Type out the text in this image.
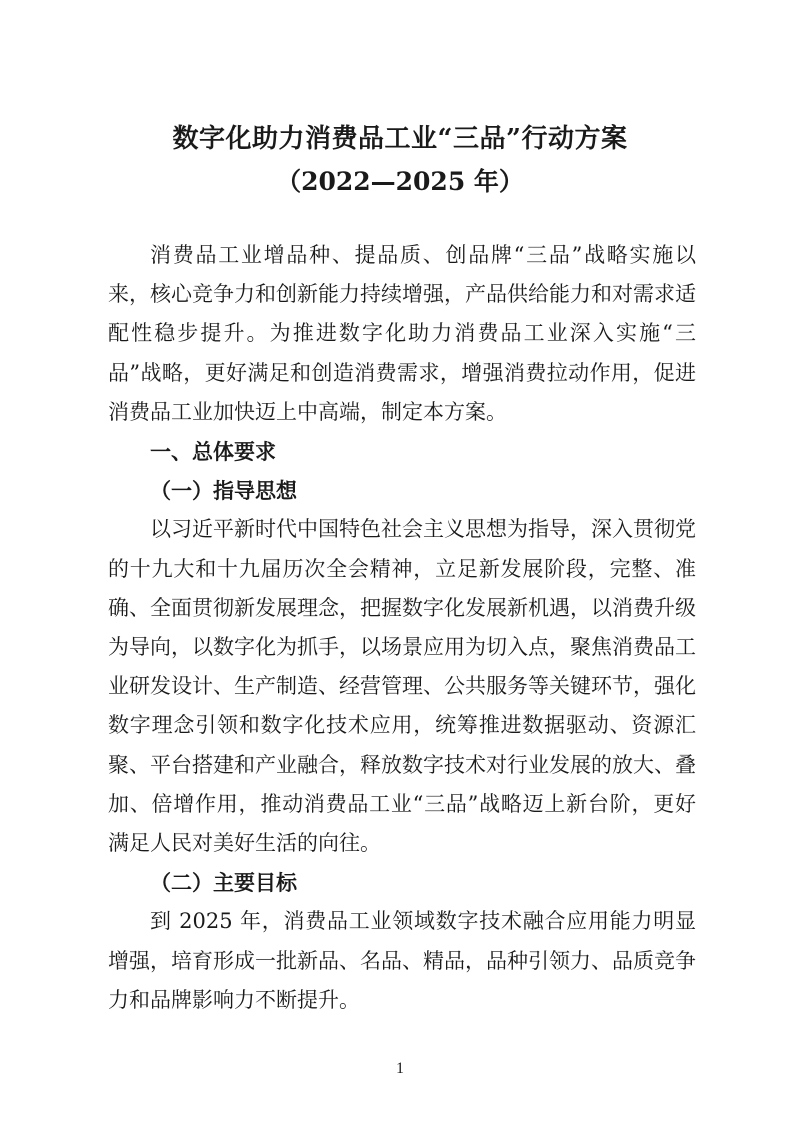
数字化助力消费品工业“三品”行动方案
（2022—2025 年）

消费品工业增品种、提品质、创品牌“三品”战略实施以来，核心竞争力和创新能力持续增强，产品供给能力和对需求适配性稳步提升。为推进数字化助力消费品工业深入实施“三品”战略，更好满足和创造消费需求，增强消费拉动作用，促进消费品工业加快迈上中高端，制定本方案。

一、总体要求

（一）指导思想

以习近平新时代中国特色社会主义思想为指导，深入贯彻党的十九大和十九届历次全会精神，立足新发展阶段，完整、准确、全面贯彻新发展理念，把握数字化发展新机遇，以消费升级为导向，以数字化为抓手，以场景应用为切入点，聚焦消费品工业研发设计、生产制造、经营管理、公共服务等关键环节，强化数字理念引领和数字化技术应用，统筹推进数据驱动、资源汇聚、平台搭建和产业融合，释放数字技术对行业发展的放大、叠加、倍增作用，推动消费品工业“三品”战略迈上新台阶，更好满足人民对美好生活的向往。

（二）主要目标

到 2025 年，消费品工业领域数字技术融合应用能力明显增强，培育形成一批新品、名品、精品，品种引领力、品质竞争力和品牌影响力不断提升。

1
